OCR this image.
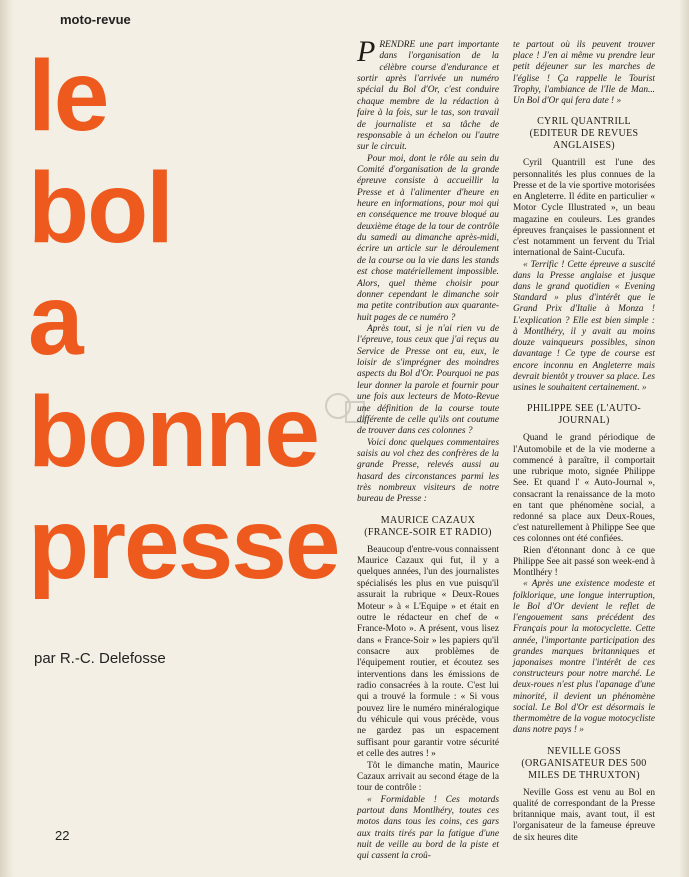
moto-revue
le
bol
a
bonne
presse
par R.-C. Delefosse
22

PRENDRE une part importante dans l'organisation de la célèbre course d'endurance et sortir après l'arrivée un numéro spécial du Bol d'Or, c'est conduire chaque membre de la rédaction à faire à la fois, sur le tas, son travail de journaliste et sa tâche de responsable à un échelon ou l'autre sur le circuit.

Pour moi, dont le rôle au sein du Comité d'organisation de la grande épreuve consiste à accueillir la Presse et à l'alimenter d'heure en heure en informations, pour moi qui en conséquence me trouve bloqué au deuxième étage de la tour de contrôle du samedi au dimanche après-midi, écrire un article sur le déroulement de la course ou la vie dans les stands est chose matériellement impossible. Alors, quel thème choisir pour donner cependant le dimanche soir ma petite contribution aux quarante-huit pages de ce numéro ?

Après tout, si je n'ai rien vu de l'épreuve, tous ceux que j'ai reçus au Service de Presse ont eu, eux, le loisir de s'imprégner des moindres aspects du Bol d'Or. Pourquoi ne pas leur donner la parole et fournir pour une fois aux lecteurs de Moto-Revue une définition de la course toute différente de celle qu'ils ont coutume de trouver dans ces colonnes ?

Voici donc quelques commentaires saisis au vol chez des confrères de la grande Presse, relevés aussi au hasard des circonstances parmi les très nombreux visiteurs de notre bureau de Presse :

MAURICE CAZAUX (FRANCE-SOIR ET RADIO)

Beaucoup d'entre-vous connaissent Maurice Cazaux qui fut, il y a quelques années, l'un des journalistes spécialisés les plus en vue puisqu'il assurait la rubrique « Deux-Roues Moteur » à « L'Equipe » et était en outre le rédacteur en chef de « France-Moto ». A présent, vous lisez dans « France-Soir » les papiers qu'il consacre aux problèmes de l'équipement routier, et écoutez ses interventions dans les émissions de radio consacrées à la route. C'est lui qui a trouvé la formule : « Si vous pouvez lire le numéro minéralogique du véhicule qui vous précède, vous ne gardez pas un espacement suffisant pour garantir votre sécurité et celle des autres ! »

Tôt le dimanche matin, Maurice Cazaux arrivait au second étage de la tour de contrôle :

« Formidable ! Ces motards partout dans Montlhéry, toutes ces motos dans tous les coins, ces gars aux traits tirés par la fatigue d'une nuit de veille au bord de la piste et qui cassent la croû-

te partout où ils peuvent trouver place ! J'en ai même vu prendre leur petit déjeuner sur les marches de l'église ! Ça rappelle le Tourist Trophy, l'ambiance de l'Ile de Man... Un Bol d'Or qui fera date ! »

CYRIL QUANTRILL (EDITEUR DE REVUES ANGLAISES)

Cyril Quantrill est l'une des personnalités les plus connues de la Presse et de la vie sportive motorisées en Angleterre. Il édite en particulier « Motor Cycle Illustrated », un beau magazine en couleurs. Les grandes épreuves françaises le passionnent et c'est notamment un fervent du Trial international de Saint-Cucufa.

« Terrific ! Cette épreuve a suscité dans la Presse anglaise et jusque dans le grand quotidien « Evening Standard » plus d'intérêt que le Grand Prix d'Italie à Monza ! L'explication ? Elle est bien simple : à Montlhéry, il y avait au moins douze vainqueurs possibles, sinon davantage ! Ce type de course est encore inconnu en Angleterre mais devrait bientôt y trouver sa place. Les usines le souhaitent certainement. »

PHILIPPE SEE (L'AUTO-JOURNAL)

Quand le grand périodique de l'Automobile et de la vie moderne a commencé à paraître, il comportait une rubrique moto, signée Philippe See. Et quand l' « Auto-Journal », consacrant la renaissance de la moto en tant que phénomène social, a redonné sa place aux Deux-Roues, c'est naturellement à Philippe See que ces colonnes ont été confiées.

Rien d'étonnant donc à ce que Philippe See ait passé son week-end à Montlhéry !

« Après une existence modeste et folklorique, une longue interruption, le Bol d'Or devient le reflet de l'engouement sans précédent des Français pour la motocyclette. Cette année, l'importante participation des grandes marques britanniques et japonaises montre l'intérêt de ces constructeurs pour notre marché. Le deux-roues n'est plus l'apanage d'une minorité, il devient un phénomène social. Le Bol d'Or est désormais le thermomètre de la vogue motocycliste dans notre pays ! »

NEVILLE GOSS (ORGANISATEUR DES 500 MILES DE THRUXTON)

Neville Goss est venu au Bol en qualité de correspondant de la Presse britannique mais, avant tout, il est l'organisateur de la fameuse épreuve de six heures dite
